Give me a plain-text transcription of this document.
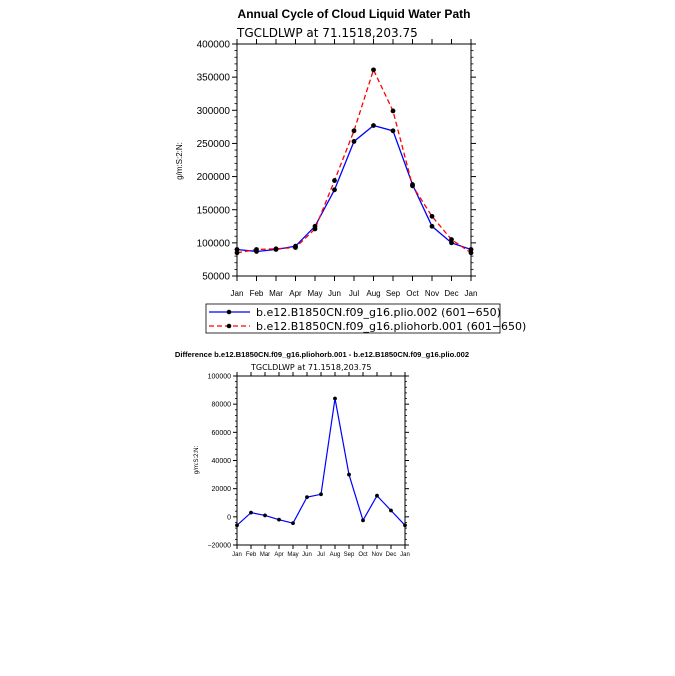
Annual Cycle of Cloud Liquid Water Path
TGCLDLWP at 71.1518,203.75
g/m:S:2:N:
50000
100000
150000
200000
250000
300000
350000
400000
Jan Feb Mar Apr May Jun Jul Aug Sep Oct Nov Dec Jan
b.e12.B1850CN.f09_g16.plio.002 (601−650)
b.e12.B1850CN.f09_g16.pliohorb.001 (601−650)
Difference b.e12.B1850CN.f09_g16.pliohorb.001 - b.e12.B1850CN.f09_g16.plio.002
TGCLDLWP at 71.1518,203.75
g/m:S:2:N:
−20000
0
20000
40000
60000
80000
100000
Jan Feb Mar Apr May Jun Jul Aug Sep Oct Nov Dec Jan
